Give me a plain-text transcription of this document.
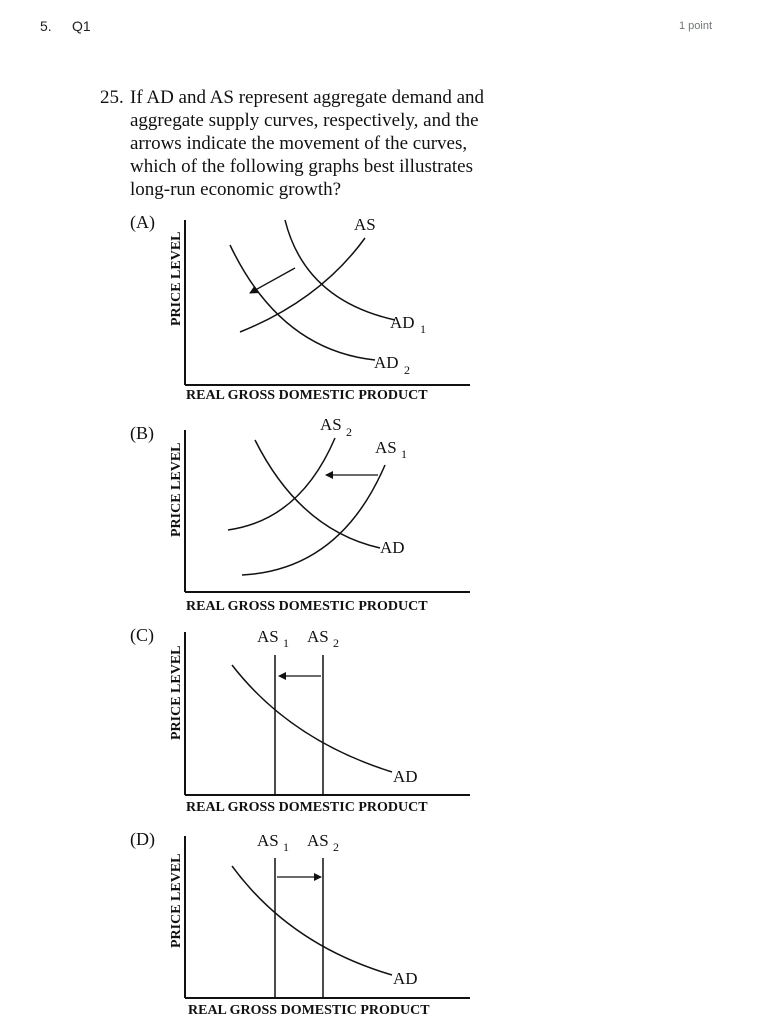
5. Q1	1 point
25. If AD and AS represent aggregate demand and
aggregate supply curves, respectively, and the
arrows indicate the movement of the curves,
which of the following graphs best illustrates
long-run economic growth?
(A)
PRICE LEVEL
REAL GROSS DOMESTIC PRODUCT
AS
AD 1
AD 2
(B)
PRICE LEVEL
REAL GROSS DOMESTIC PRODUCT
AS 2
AS 1
AD
(C)
PRICE LEVEL
REAL GROSS DOMESTIC PRODUCT
AS 1 AS 2
AD
(D)
PRICE LEVEL
REAL GROSS DOMESTIC PRODUCT
AS 1 AS 2
AD
